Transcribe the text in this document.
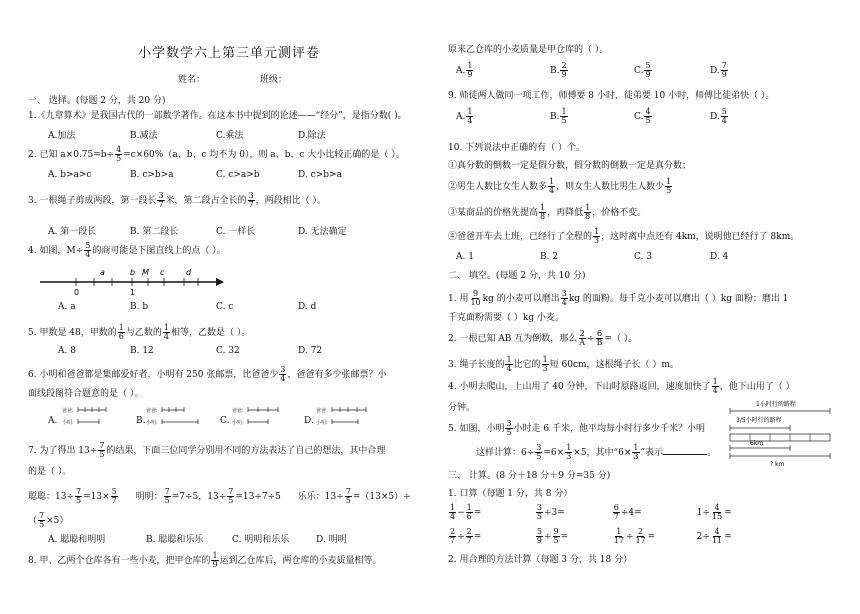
小学数学六上第三单元测评卷
姓名：	班级：
一、 选择。(每题 2 分，共 20 分)
1.《九章算术》是我国古代的一部数学著作。在这本书中提到的论述——“经分”，是指分数( )。
A.加法	B.减法	C.乘法	D.除法
2. 已知 $a\times 0.75=b\div \frac{4}{5} =c\times 60\%(a$、b、c 均不为 0），则 a、b、c 大小比较正确的是（ ）。
A. b>a>c	B. c>b>a	C. c>a>b	D. c>b>a
3. 一根绳子剪成两段，第一段长 $\frac{3}{7}$ 米，第二段占全长的 $\frac{3}{7}$ ，两段相比（ ）。
A. 第一段长	B. 第二段长	C. 一样长	D. 无法确定
4. 如图，$M\div \frac{5}{4}$ 的商可能是下图直线上的点（ ）。
0	1
a	b M c	d
A. a	B. b	C. c	D. d
5. 甲数是 48，甲数的 $\frac{1}{6}$ 与乙数的 $\frac{1}{4}$ 相等，乙数是（ ）。
A. 8	B. 12	C. 32	D. 72
6. 小明和爸爸都是集邮爱好者，小明有 250 张邮票，比爸爸少 $\frac{3}{4}$ ，爸爸有多少张邮票？小
面线段图符合题意的是（ ）。
A.	B.	C.	D.
爸爸:
小明:
爸爸:
小明:
爸爸:
小明:
爸爸:
小明:
7. 为了得出 $13\div \frac{7}{5}$ 的结果，下面三位同学分别用不同的方法表达了自己的想法，其中合理
的是（ ）。
聪聪：$13\div \frac{7}{5} =13\times \frac{5}{7}$ 明明： $\frac{7}{5} =7\div 5$，$13\div \frac{7}{5} =13\div 7\div 5$ 乐乐：$13\div \frac{7}{5} =(13\times 5)\div$
（ $\frac{7}{5} \times 5$）
A. 聪聪和明明	B. 聪聪和乐乐	C. 明明和乐乐	D. 明明
8. 甲、乙两个仓库各有一些小麦，把甲仓库的 $\frac{1}{9}$ 运到乙仓库后，两仓库的小麦质量相等。
原来乙仓库的小麦质量是甲仓库的（ ）。
A. $\frac{1}{9}$	B. $\frac{2}{9}$	C. $\frac{5}{9}$	D. $\frac{7}{9}$
9. 师徒两人做同一项工作，师傅要 8 小时，徒弟要 10 小时，师傅比徒弟快（ ）。
A. $\frac{1}{4}$	B. $\frac{1}{5}$	C. $\frac{4}{5}$	D. $\frac{5}{4}$
10. 下列说法中正确的有（ ）个。
①真分数的倒数一定是假分数，假分数的倒数一定是真分数；
②男生人数比女生人数多 $\frac{1}{4}$ ，则女生人数比男生人数少 $\frac{1}{5}$
③某商品的价格先提高 $\frac{1}{8}$ ，再降低 $\frac{1}{8}$ ，价格不变。
④爸爸开车去上班，已经行了全程的 $\frac{1}{3}$ ，这时离中点还有 4km，说明他已经行了 8km。
A. 1	B. 2	C. 3	D. 4
二、 填空。(每题 2 分，共 10 分)
1. 用 $\frac{9}{10}$ kg 的小麦可以磨出 $\frac{3}{4}$ kg 的面粉。每千克小麦可以磨出（ ）kg 面粉；磨出 1
千克面粉需要（ ）kg 小麦。
2. 一根已知 AB 互为倒数，那么 $\frac{2}{A} \div \frac{6}{B}$ =（ ）。
3. 绳子长度的 $\frac{1}{4}$ 比它的 $\frac{1}{3}$ 短 60cm，这根绳子长（ ）m。
4. 小明去爬山，上山用了 40 分钟，下山时原路返回，速度加快了 $\frac{1}{4}$ ，他下山用了（ ）
分钟。
5. 如图，小明 $\frac{3}{5}$ 小时走 6 千米，他平均每小时行多少千米？小明
这样计算：$6\div \frac{3}{5} =6\times \frac{1}{3} \times 5$，其中“$6\times \frac{1}{3}$ ”表示	。
1小时行的路程
3/5小时行的路程
6km
? km
三、 计算。(8 分＋18 分＋9 分=35 分)
1. 口算（每题 1 分，共 8 分）
$\frac{1}{4} - \frac{1}{6}$ =	$\frac{3}{5} \div 3=$	$\frac{6}{7} \div 4=$	$1\div \frac{4}{15}$ =
$\frac{2}{7} \div \frac{2}{7}$ =	$\frac{5}{9} \div \frac{9}{5}$ =	$\frac{1}{17} \div \frac{2}{17}$ =	$2\div \frac{4}{11}$ =
2. 用合理的方法计算（每题 3 分，共 18 分）
